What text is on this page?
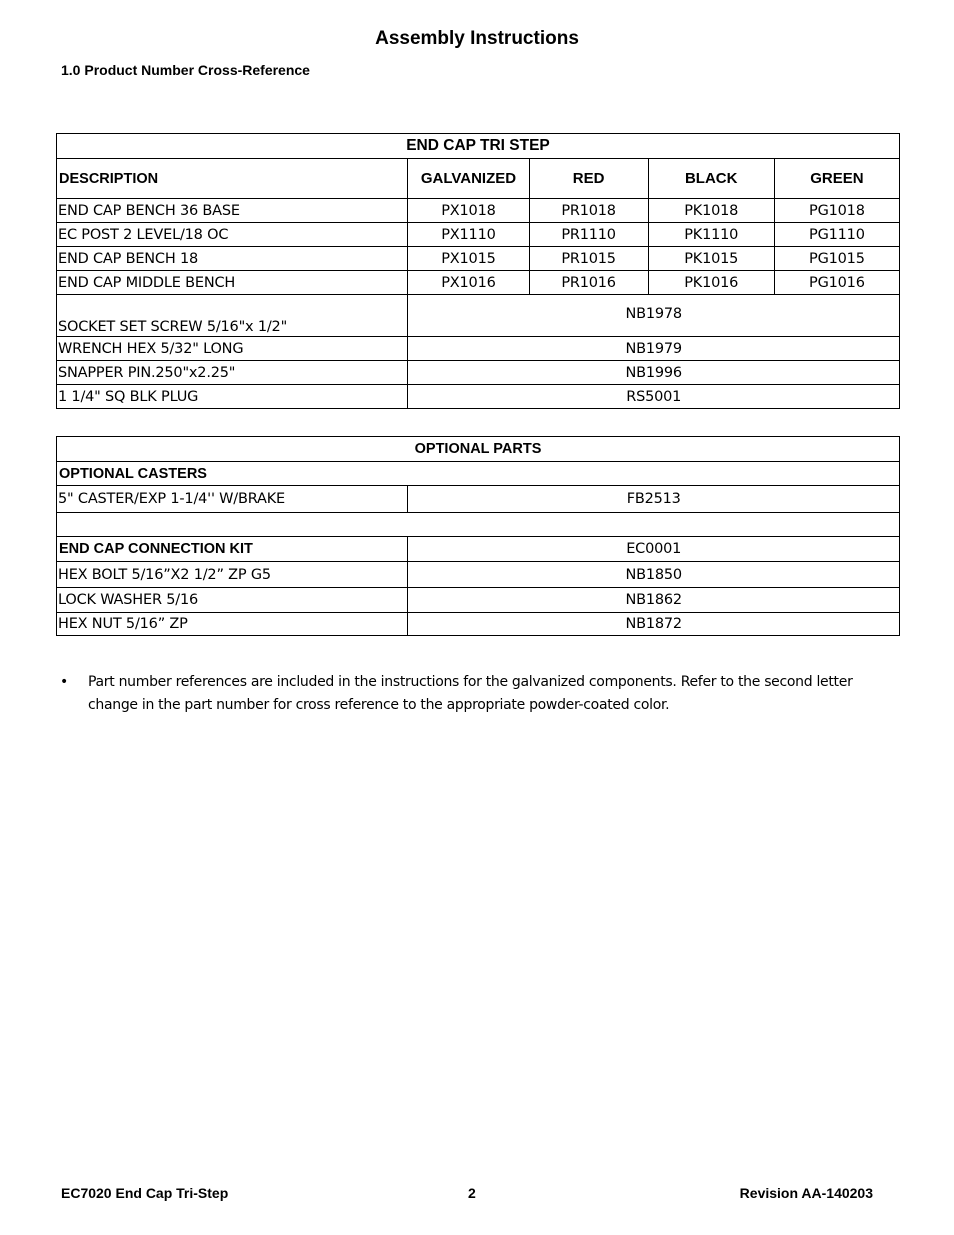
Assembly Instructions
1.0 Product Number Cross-Reference
END CAP TRI STEP				
DESCRIPTION	GALVANIZED	RED	BLACK	GREEN
END CAP BENCH 36 BASE	PX1018	PR1018	PK1018	PG1018
EC POST 2 LEVEL/18 OC	PX1110	PR1110	PK1110	PG1110
END CAP BENCH 18	PX1015	PR1015	PK1015	PG1015
END CAP MIDDLE BENCH	PX1016	PR1016	PK1016	PG1016
SOCKET SET SCREW 5/16"x 1/2"	NB1978			
WRENCH HEX 5/32" LONG	NB1979			
SNAPPER PIN.250"x2.25"	NB1996			
1 1/4" SQ BLK PLUG	RS5001			
OPTIONAL PARTS	
OPTIONAL CASTERS	
5" CASTER/EXP 1-1/4'' W/BRAKE	FB2513

END CAP CONNECTION KIT	EC0001
HEX BOLT 5/16”X2 1/2” ZP G5	NB1850
LOCK WASHER 5/16	NB1862
HEX NUT 5/16” ZP	NB1872
• Part number references are included in the instructions for the galvanized components. Refer to the second letter change in the part number for cross reference to the appropriate powder-coated color.
EC7020 End Cap Tri-Step	2	Revision AA-140203
